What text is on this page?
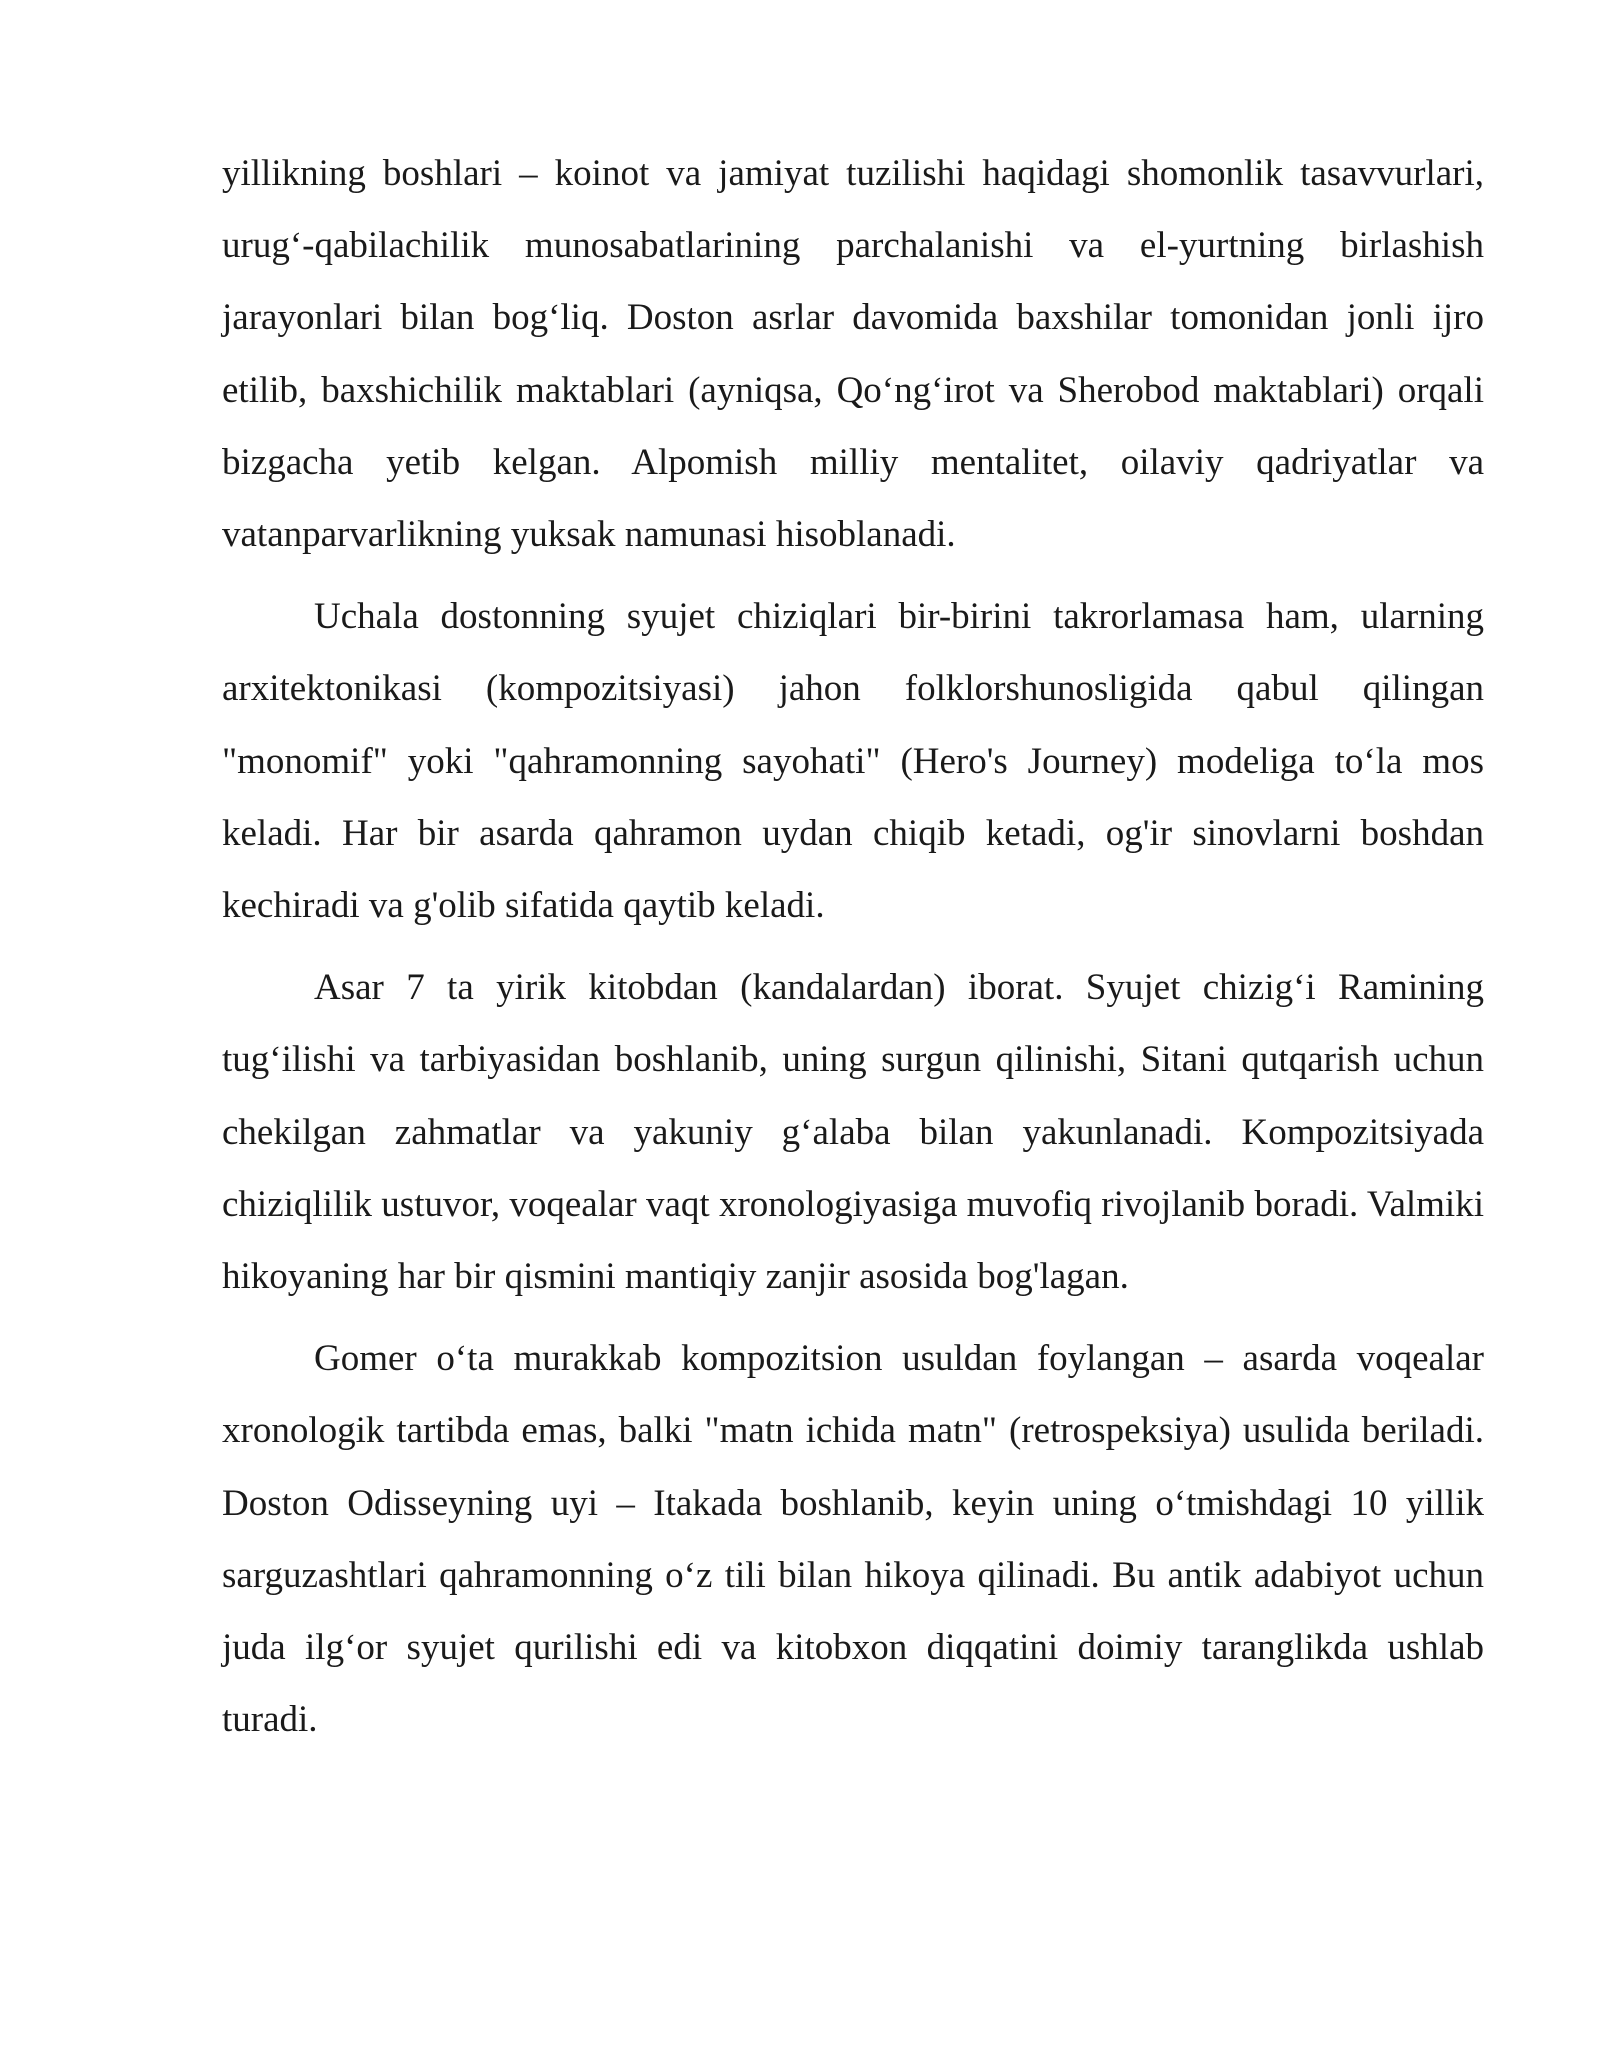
yillikning boshlari – koinot va jamiyat tuzilishi haqidagi shomonlik tasavvurlari, urug‘-qabilachilik munosabatlarining parchalanishi va el-yurtning birlashish jarayonlari bilan bog‘liq. Doston asrlar davomida baxshilar tomonidan jonli ijro etilib, baxshichilik maktablari (ayniqsa, Qo‘ng‘irot va Sherobod maktablari) orqali bizgacha yetib kelgan. Alpomish milliy mentalitet, oilaviy qadriyatlar va vatanparvarlikning yuksak namunasi hisoblanadi.

Uchala dostonning syujet chiziqlari bir-birini takrorlamasa ham, ularning arxitektonikasi (kompozitsiyasi) jahon folklorshunosligida qabul qilingan "monomif" yoki "qahramonning sayohati" (Hero's Journey) modeliga to‘la mos keladi. Har bir asarda qahramon uydan chiqib ketadi, og'ir sinovlarni boshdan kechiradi va g'olib sifatida qaytib keladi.

Asar 7 ta yirik kitobdan (kandalardan) iborat. Syujet chizig‘i Ramining tug‘ilishi va tarbiyasidan boshlanib, uning surgun qilinishi, Sitani qutqarish uchun chekilgan zahmatlar va yakuniy g‘alaba bilan yakunlanadi. Kompozitsiyada chiziqlilik ustuvor, voqealar vaqt xronologiyasiga muvofiq rivojlanib boradi. Valmiki hikoyaning har bir qismini mantiqiy zanjir asosida bog'lagan.

Gomer o‘ta murakkab kompozitsion usuldan foylangan – asarda voqealar xronologik tartibda emas, balki "matn ichida matn" (retrospeksiya) usulida beriladi. Doston Odisseyning uyi – Itakada boshlanib, keyin uning o‘tmishdagi 10 yillik sarguzashtlari qahramonning o‘z tili bilan hikoya qilinadi. Bu antik adabiyot uchun juda ilg‘or syujet qurilishi edi va kitobxon diqqatini doimiy taranglikda ushlab turadi.
